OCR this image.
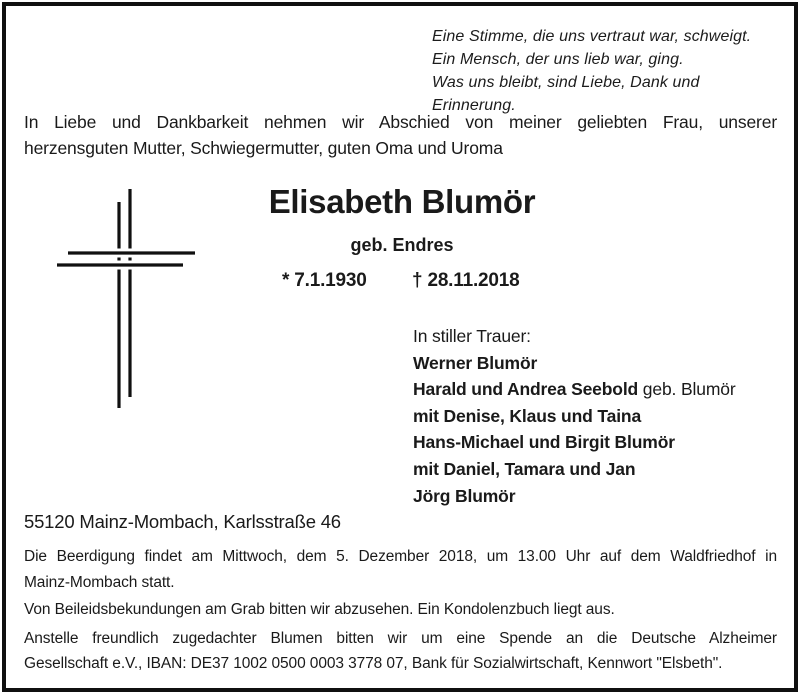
Eine Stimme, die uns vertraut war, schweigt.
Ein Mensch, der uns lieb war, ging.
Was uns bleibt, sind Liebe, Dank und Erinnerung.
In Liebe und Dankbarkeit nehmen wir Abschied von meiner geliebten Frau, unserer
herzensguten Mutter, Schwiegermutter, guten Oma und Uroma
Elisabeth Blumör
geb. Endres
* 7.1.1930 † 28.11.2018
In stiller Trauer:
Werner Blumör
Harald und Andrea Seebold geb. Blumör
mit Denise, Klaus und Taina
Hans-Michael und Birgit Blumör
mit Daniel, Tamara und Jan
Jörg Blumör
55120 Mainz-Mombach, Karlsstraße 46
Die Beerdigung findet am Mittwoch, dem 5. Dezember 2018, um 13.00 Uhr auf dem Waldfriedhof in
Mainz-Mombach statt.
Von Beileidsbekundungen am Grab bitten wir abzusehen. Ein Kondolenzbuch liegt aus.
Anstelle freundlich zugedachter Blumen bitten wir um eine Spende an die Deutsche Alzheimer
Gesellschaft e.V., IBAN: DE37 1002 0500 0003 3778 07, Bank für Sozialwirtschaft, Kennwort "Elsbeth".
